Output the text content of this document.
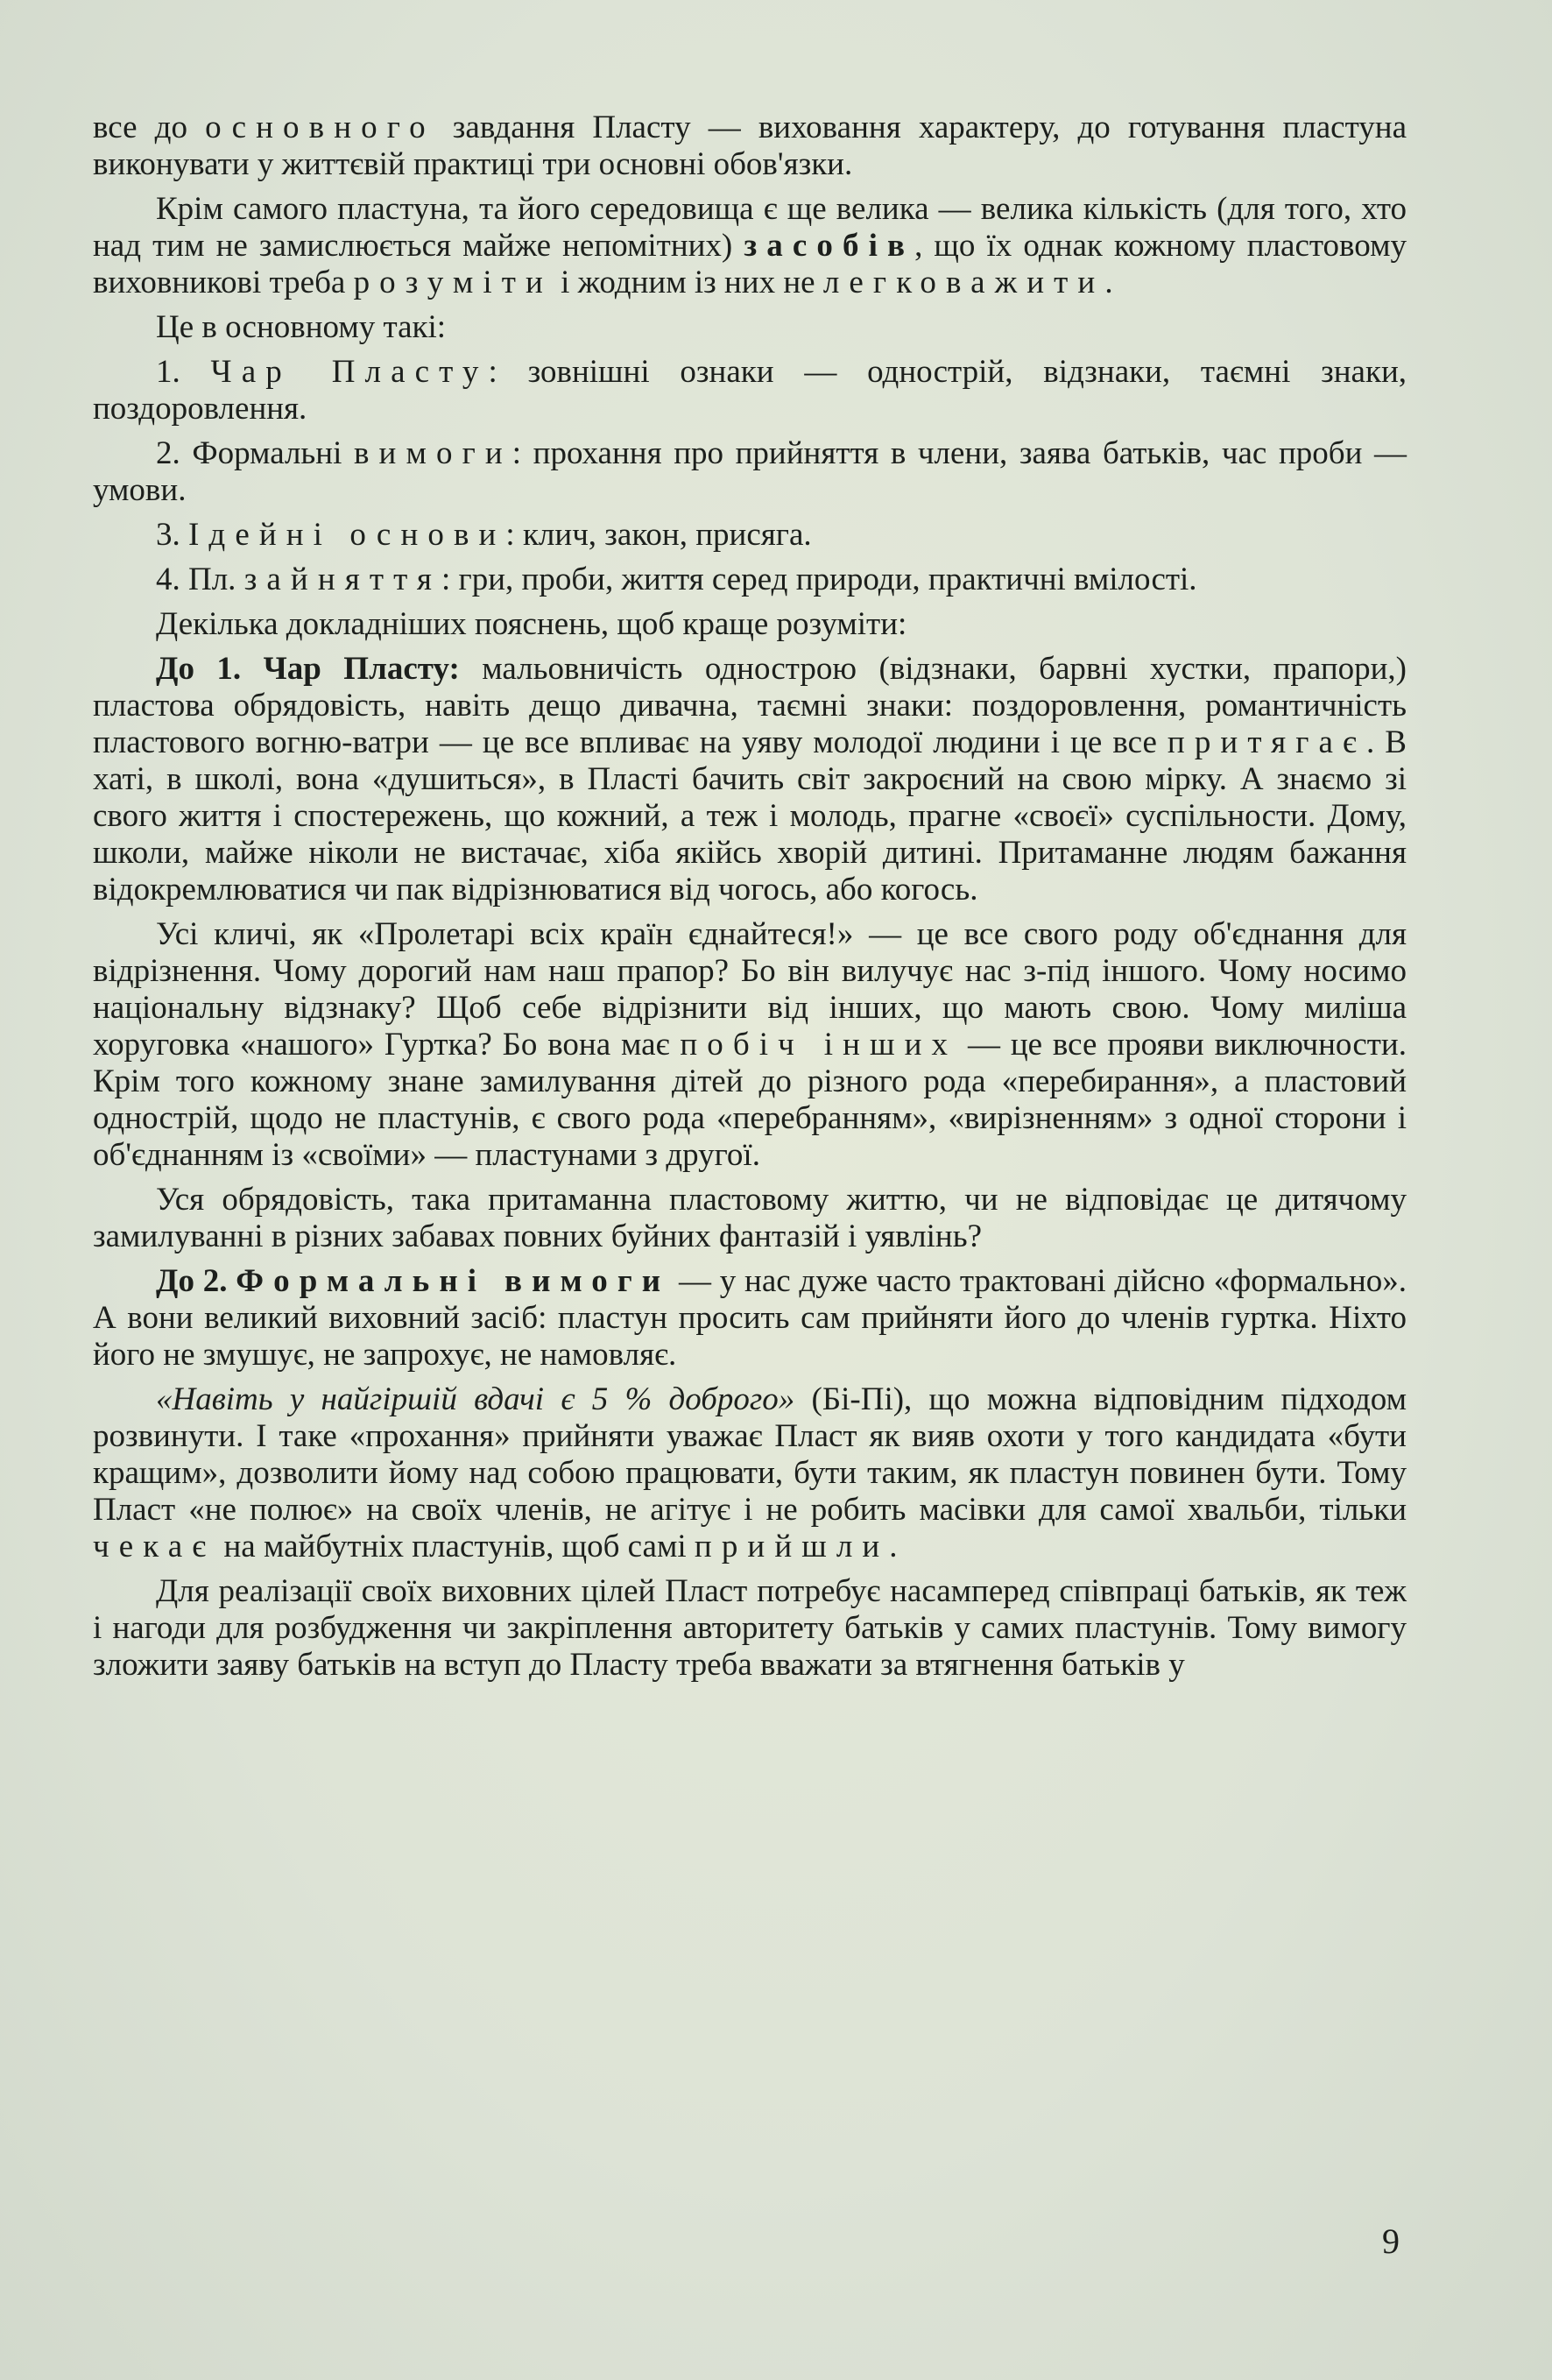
все до основного завдання Пласту — виховання характеру, до готування пластуна виконувати у життєвій практиці три основні обов'язки.

Крім самого пластуна, та його середовища є ще велика — велика кількість (для того, хто над тим не замислюється майже непомітних) засобів, що їх однак кожному пластовому виховникові треба розуміти і жодним із них не легковажити.

Це в основному такі:

1. Чар Пласту: зовнішні ознаки — однострій, відзнаки, таємні знаки, поздоровлення.

2. Формальні вимоги: прохання про прийняття в члени, заява батьків, час проби — умови.

3. Ідейні основи: клич, закон, присяга.

4. Пл. зайняття: гри, проби, життя серед природи, практичні вмілості.

Декілька докладніших пояснень, щоб краще розуміти:

До 1. Чар Пласту: мальовничість однострою (відзнаки, барвні хустки, прапори,) пластова обрядовість, навіть дещо дивачна, таємні знаки: поздоровлення, романтичність пластового вогню-ватри — це все впливає на уяву молодої людини і це все притягає. В хаті, в школі, вона «душиться», в Пласті бачить світ закроєний на свою мірку. А знаємо зі свого життя і спостережень, що кожний, а теж і молодь, прагне «своєї» суспільности. Дому, школи, майже ніколи не вистачає, хіба якійсь хворій дитині. Притаманне людям бажання відокремлюватися чи пак відрізнюватися від чогось, або когось.

Усі кличі, як «Пролетарі всіх країн єднайтеся!» — це все свого роду об'єднання для відрізнення. Чому дорогий нам наш прапор? Бо він вилучує нас з-під іншого. Чому носимо національну відзнаку? Щоб себе відрізнити від інших, що мають свою. Чому миліша хоруговка «нашого» Гуртка? Бо вона має побіч інших — це все прояви виключности. Крім того кожному знане замилування дітей до різного рода «перебирання», а пластовий однострій, щодо не пластунів, є свого рода «перебранням», «вирізненням» з одної сторони і об'єднанням із «своїми» — пластунами з другої.

Уся обрядовість, така притаманна пластовому життю, чи не відповідає це дитячому замилуванні в різних забавах повних буйних фантазій і уявлінь?

До 2. Формальні вимоги — у нас дуже часто трактовані дійсно «формально». А вони великий виховний засіб: пластун просить сам прийняти його до членів гуртка. Ніхто його не змушує, не запрохує, не намовляє.

«Навіть у найгіршій вдачі є 5 % доброго» (Бі-Пі), що можна відповідним підходом розвинути. І таке «прохання» прийняти уважає Пласт як вияв охоти у того кандидата «бути кращим», дозволити йому над собою працювати, бути таким, як пластун повинен бути. Тому Пласт «не полює» на своїх членів, не агітує і не робить масівки для самої хвальби, тільки чекає на майбутніх пластунів, щоб самі прийшли.

Для реалізації своїх виховних цілей Пласт потребує насамперед співпраці батьків, як теж і нагоди для розбудження чи закріплення авторитету батьків у самих пластунів. Тому вимогу зложити заяву батьків на вступ до Пласту треба вважати за втягнення батьків у

9
